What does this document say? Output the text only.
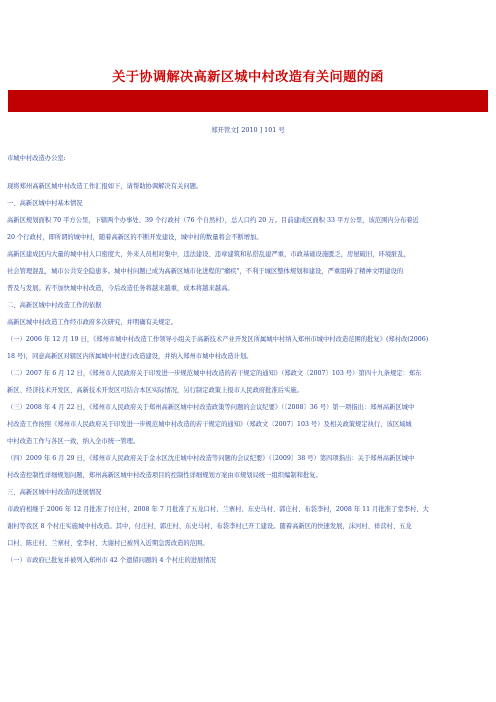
关于协调解决高新区城中村改造有关问题的函
郑开管文[ 2010 ] 101 号

市城中村改造办公室:

现将郑州高新区城中村改造工作汇报如下，请帮助协调解决有关问题。

一、高新区城中村基本情况

高新区规划面积 70 平方公里，下辖两个办事处、39 个行政村（76 个自然村），总人口约 20 万。目前建成区面积 33 平方公里，该范围内分布着近

20 个行政村，即所谓的城中村，随着高新区的不断开发建设，城中村的数量将会不断增加。

高新区建成区内大量的城中村人口密度大，外来人员相对集中，违法建设、违章建筑和私搭乱建严重，市政基础设施匮乏，房屋破旧，环境脏乱，

社会管理混乱，城市公共安全隐患多。城中村问题已成为高新区城市化进程的"瘤疾"，不利于城区整体规划和建设，严重阻碍了精神文明建设的

普及与发展。若不加快城中村改造，今后改造任务将越来越重，成本将越来越高。

二、高新区城中村改造工作的依据

高新区城中村改造工作经市政府多次研究，并明确有关规定。

（一）2006 年 12 月 19 日，《郑州市城中村改造工作领导小组关于高新技术产业开发区所属城中村纳入郑州市城中村改造范围的批复》(郑村改(2006)

18 号)，同意高新区对辖区内所属城中村进行改造建设，并纳入郑州市城中村改造计划。

（二）2007 年 6 月 12 日，《郑州市人民政府关于印发进一步规范城中村改造的若干规定的通知》（郑政文〔2007〕103 号）第四十九条规定：郑东

新区、经济技术开发区、高新技术开发区可结合本区实际情况，另行制定政策上报市人民政府批准后实施。

（三）2008 年 4 月 22 日，《郑州市人民政府关于郑州高新区城中村改造政策等问题的会议纪要》（〔2008〕36 号）第一项指出：郑州高新区城中

村改造工作按照《郑州市人民政府关于印发进一步规范城中村改造的若干规定的通知》（郑政文〔2007〕103 号）及相关政策规定执行，该区域城

中村改造工作与各区一致，纳入全市统一管理。

（四）2009 年 6 月 29 日，《郑州市人民政府关于金水区沈庄城中村改造等问题的会议纪要》（〔2009〕38 号）第四项指出：关于郑州高新区城中

村改造控制性详细规划问题，郑州高新区城中村改造项目的控制性详细规划方案由市规划局统一组织编制和批复。

三、高新区城中村改造的进展情况

市政府相继于 2006 年 12 月批准了付庄村，2008 年 7 月批准了五龙口村、兰寨村、东史马村、郭庄村、布袋李村，2008 年 11 月批准了堂李村、大

谢村等我区 8 个村庄实施城中村改造。其中，付庄村、郭庄村、东史马村、布袋李村已开工建设。随着高新区的快速发展，沫河村、祥营村、五龙

口村、陈庄村、兰寨村、堂李村、大谢村已被列入近期急需改造的范围。

（一）市政府已批复并被列入郑州市 42 个遗留问题的 4 个村庄的进展情况
